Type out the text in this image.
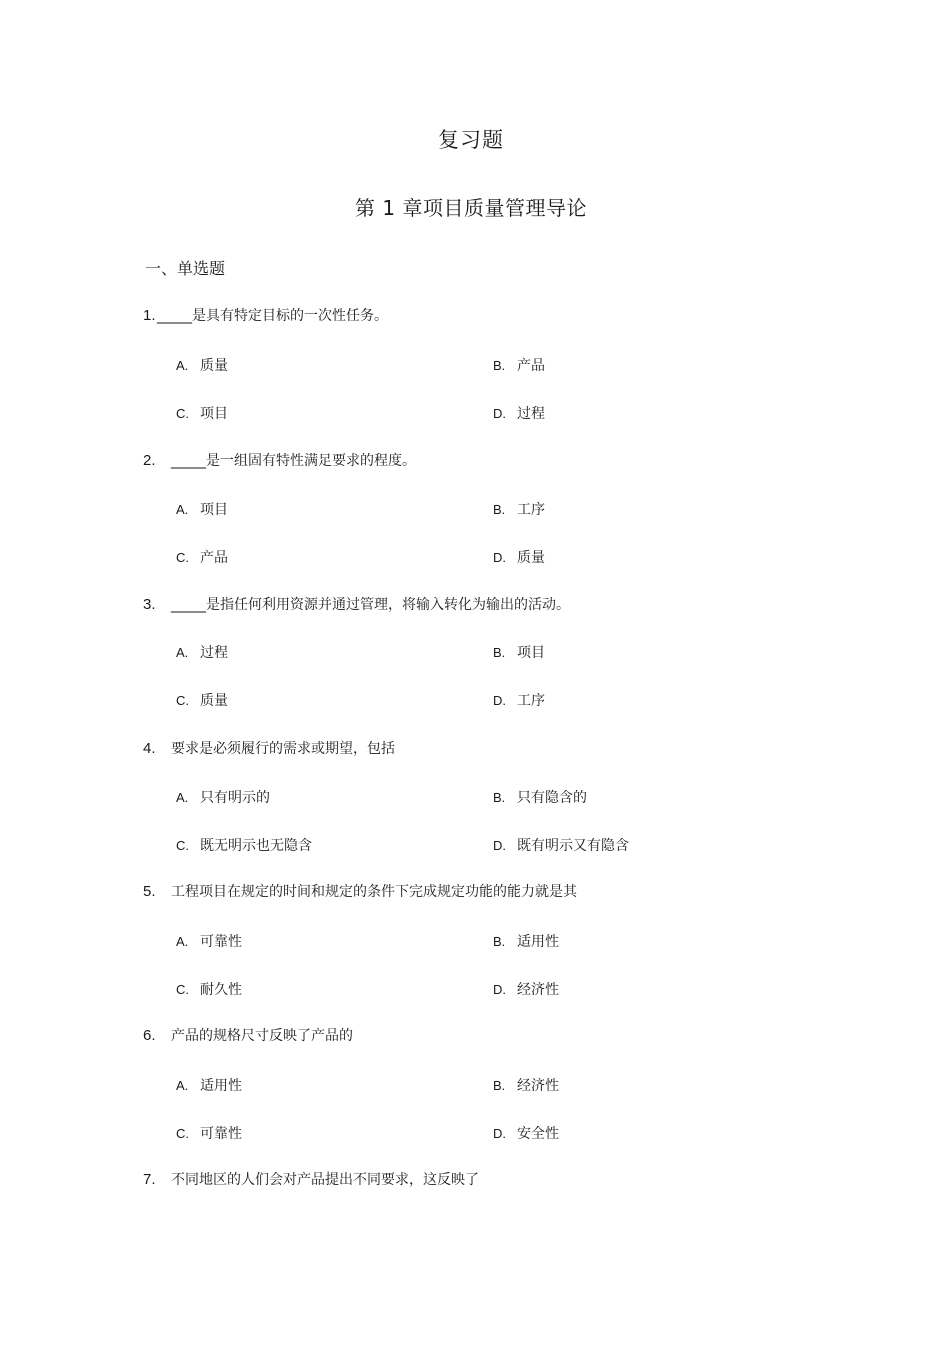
复习题
第 1 章项目质量管理导论
一、单选题
1._____是具有特定目标的一次性任务。
A. 质量	B. 产品
C. 项目	D. 过程
2. _____是一组固有特性满足要求的程度。
A. 项目	B. 工序
C. 产品	D. 质量
3. _____是指任何利用资源并通过管理，将输入转化为输出的活动。
A. 过程	B. 项目
C. 质量	D. 工序
4. 要求是必须履行的需求或期望，包括
A. 只有明示的	B. 只有隐含的
C. 既无明示也无隐含	D. 既有明示又有隐含
5. 工程项目在规定的时间和规定的条件下完成规定功能的能力就是其
A. 可靠性	B. 适用性
C. 耐久性	D. 经济性
6. 产品的规格尺寸反映了产品的
A. 适用性	B. 经济性
C. 可靠性	D. 安全性
7. 不同地区的人们会对产品提出不同要求，这反映了
